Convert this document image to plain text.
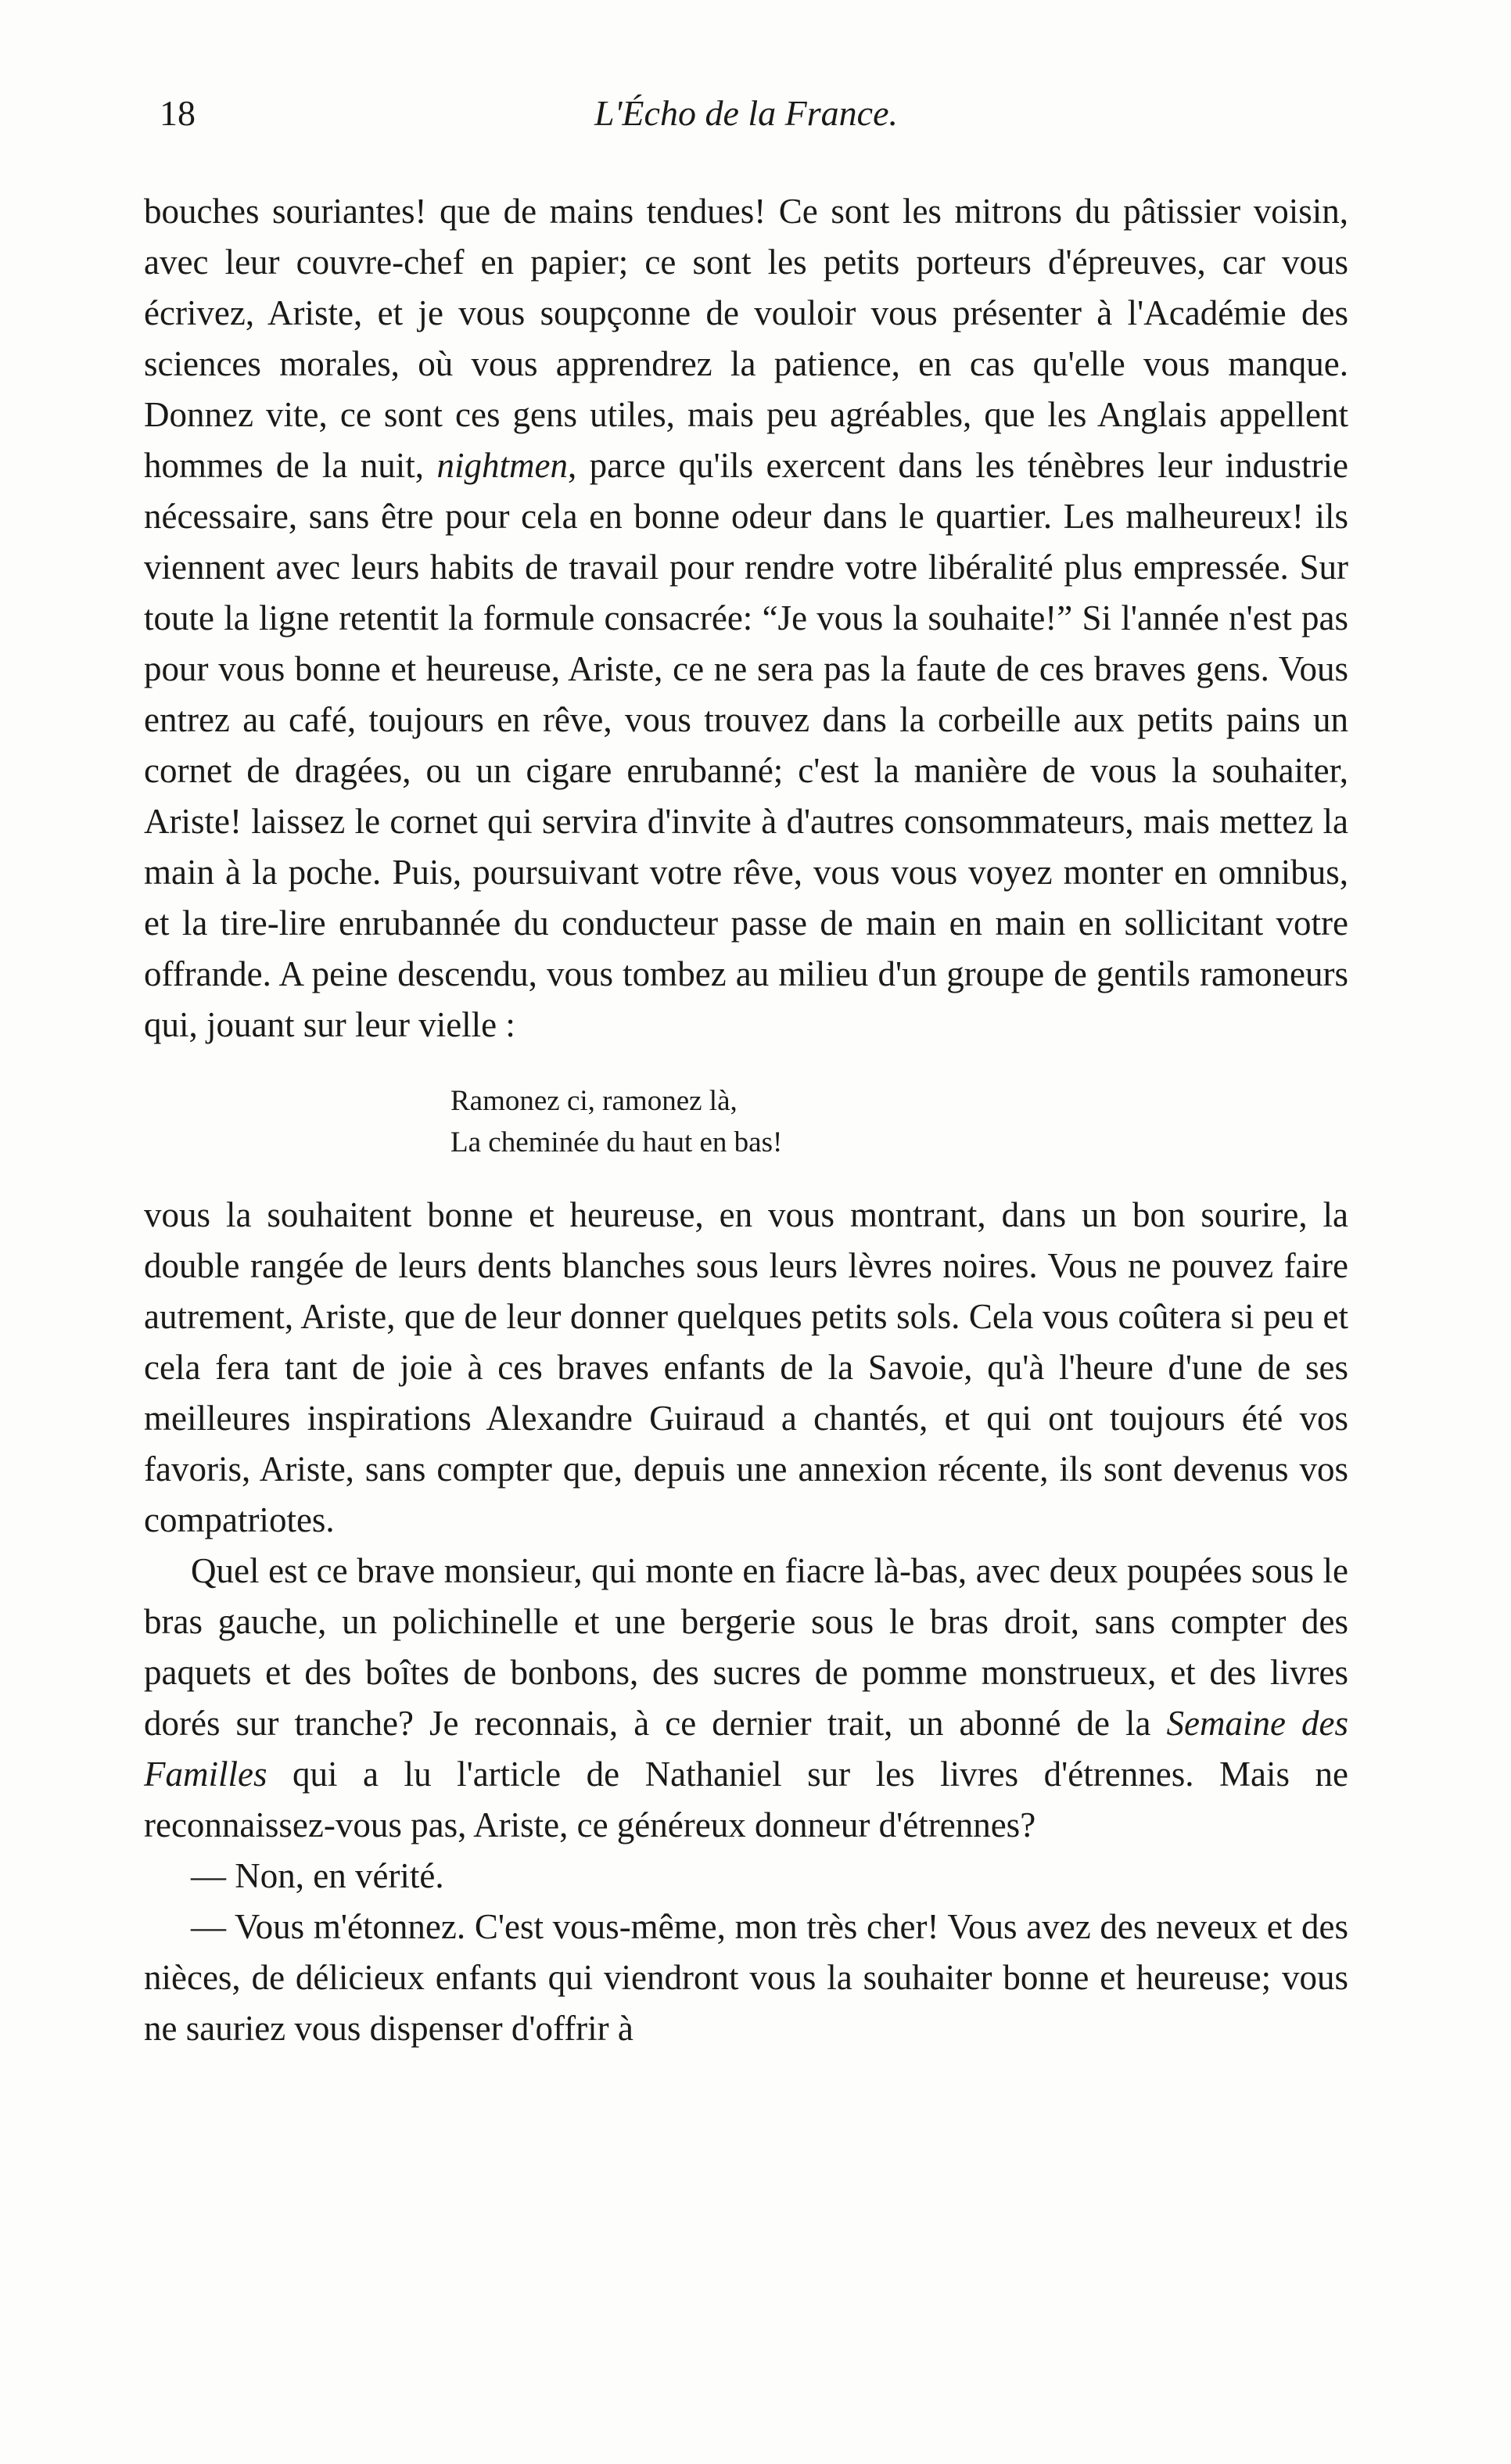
18	L'Écho de la France.

bouches souriantes! que de mains tendues! Ce sont les mitrons du pâtissier voisin, avec leur couvre-chef en papier; ce sont les petits porteurs d'épreuves, car vous écrivez, Ariste, et je vous soupçonne de vouloir vous présenter à l'Académie des sciences morales, où vous apprendrez la patience, en cas qu'elle vous manque. Donnez vite, ce sont ces gens utiles, mais peu agréables, que les Anglais appellent hommes de la nuit, nightmen, parce qu'ils exercent dans les ténèbres leur industrie nécessaire, sans être pour cela en bonne odeur dans le quartier. Les malheureux! ils viennent avec leurs habits de travail pour rendre votre libéralité plus empressée. Sur toute la ligne retentit la formule consacrée: “Je vous la souhaite!” Si l'année n'est pas pour vous bonne et heureuse, Ariste, ce ne sera pas la faute de ces braves gens. Vous entrez au café, toujours en rêve, vous trouvez dans la corbeille aux petits pains un cornet de dragées, ou un cigare enrubanné; c'est la manière de vous la souhaiter, Ariste! laissez le cornet qui servira d'invite à d'autres consommateurs, mais mettez la main à la poche. Puis, poursuivant votre rêve, vous vous voyez monter en omnibus, et la tire-lire enrubannée du conducteur passe de main en main en sollicitant votre offrande. A peine descendu, vous tombez au milieu d'un groupe de gentils ramoneurs qui, jouant sur leur vielle :

Ramonez ci, ramonez là,
La cheminée du haut en bas!

vous la souhaitent bonne et heureuse, en vous montrant, dans un bon sourire, la double rangée de leurs dents blanches sous leurs lèvres noires. Vous ne pouvez faire autrement, Ariste, que de leur donner quelques petits sols. Cela vous coûtera si peu et cela fera tant de joie à ces braves enfants de la Savoie, qu'à l'heure d'une de ses meilleures inspirations Alexandre Guiraud a chantés, et qui ont toujours été vos favoris, Ariste, sans compter que, depuis une annexion récente, ils sont devenus vos compatriotes.

Quel est ce brave monsieur, qui monte en fiacre là-bas, avec deux poupées sous le bras gauche, un polichinelle et une bergerie sous le bras droit, sans compter des paquets et des boîtes de bonbons, des sucres de pomme monstrueux, et des livres dorés sur tranche? Je reconnais, à ce dernier trait, un abonné de la Semaine des Familles qui a lu l'article de Nathaniel sur les livres d'étrennes. Mais ne reconnaissez-vous pas, Ariste, ce généreux donneur d'étrennes?

— Non, en vérité.

— Vous m'étonnez. C'est vous-même, mon très cher! Vous avez des neveux et des nièces, de délicieux enfants qui viendront vous la souhaiter bonne et heureuse; vous ne sauriez vous dispenser d'offrir à
